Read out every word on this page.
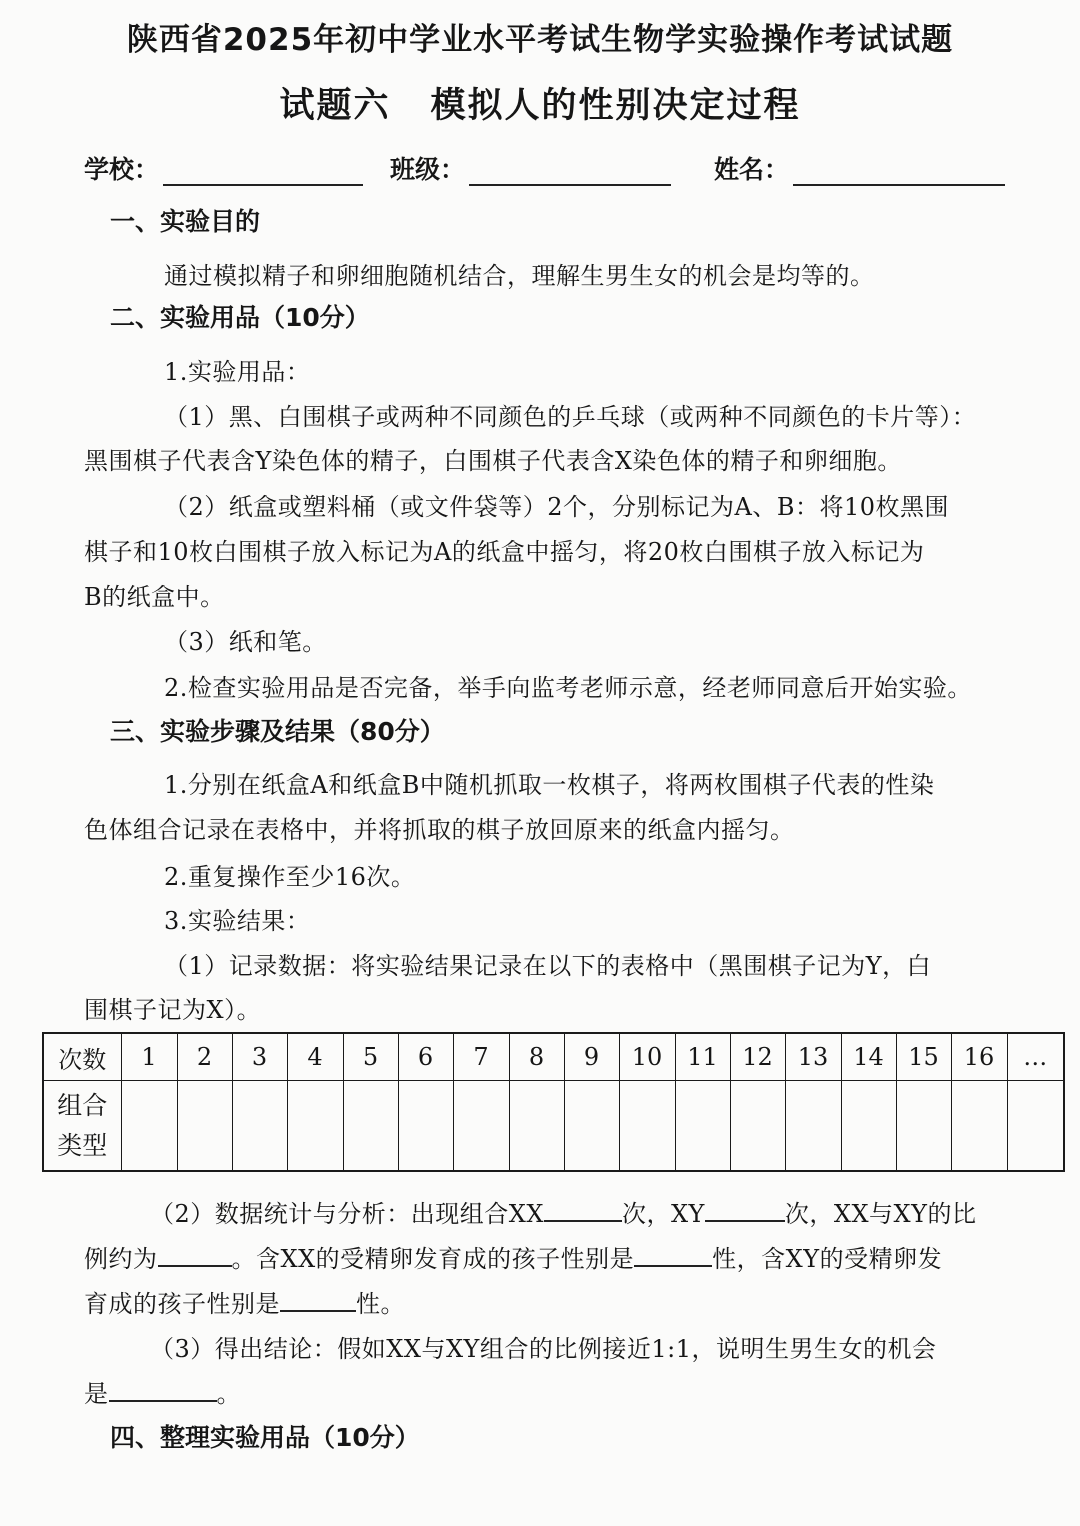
陕西省2025年初中学业水平考试生物学实验操作考试试题
试题六 模拟人的性别决定过程
学校：	班级：	姓名：
一、实验目的
通过模拟精子和卵细胞随机结合，理解生男生女的机会是均等的。
二、实验用品（10分）
1.实验用品：
（1）黑、白围棋子或两种不同颜色的乒乓球（或两种不同颜色的卡片等）：
黑围棋子代表含Y染色体的精子，白围棋子代表含X染色体的精子和卵细胞。
（2）纸盒或塑料桶（或文件袋等）2个，分别标记为A、B：将10枚黑围
棋子和10枚白围棋子放入标记为A的纸盒中摇匀，将20枚白围棋子放入标记为
B的纸盒中。
（3）纸和笔。
2.检查实验用品是否完备，举手向监考老师示意，经老师同意后开始实验。
三、实验步骤及结果（80分）
1.分别在纸盒A和纸盒B中随机抓取一枚棋子，将两枚围棋子代表的性染
色体组合记录在表格中，并将抓取的棋子放回原来的纸盒内摇匀。
2.重复操作至少16次。
3.实验结果：
（1）记录数据：将实验结果记录在以下的表格中（黑围棋子记为Y，白
围棋子记为X）。
次数	1	2	3	4	5	6	7	8	9	10	11	12	13	14	15	16	…
组合
类型																	
（2）数据统计与分析：出现组合XX	次，XY	次，XX与XY的比
例约为	。含XX的受精卵发育成的孩子性别是	性，含XY的受精卵发
育成的孩子性别是	性。
（3）得出结论：假如XX与XY组合的比例接近1:1，说明生男生女的机会
是	。
四、整理实验用品（10分）
